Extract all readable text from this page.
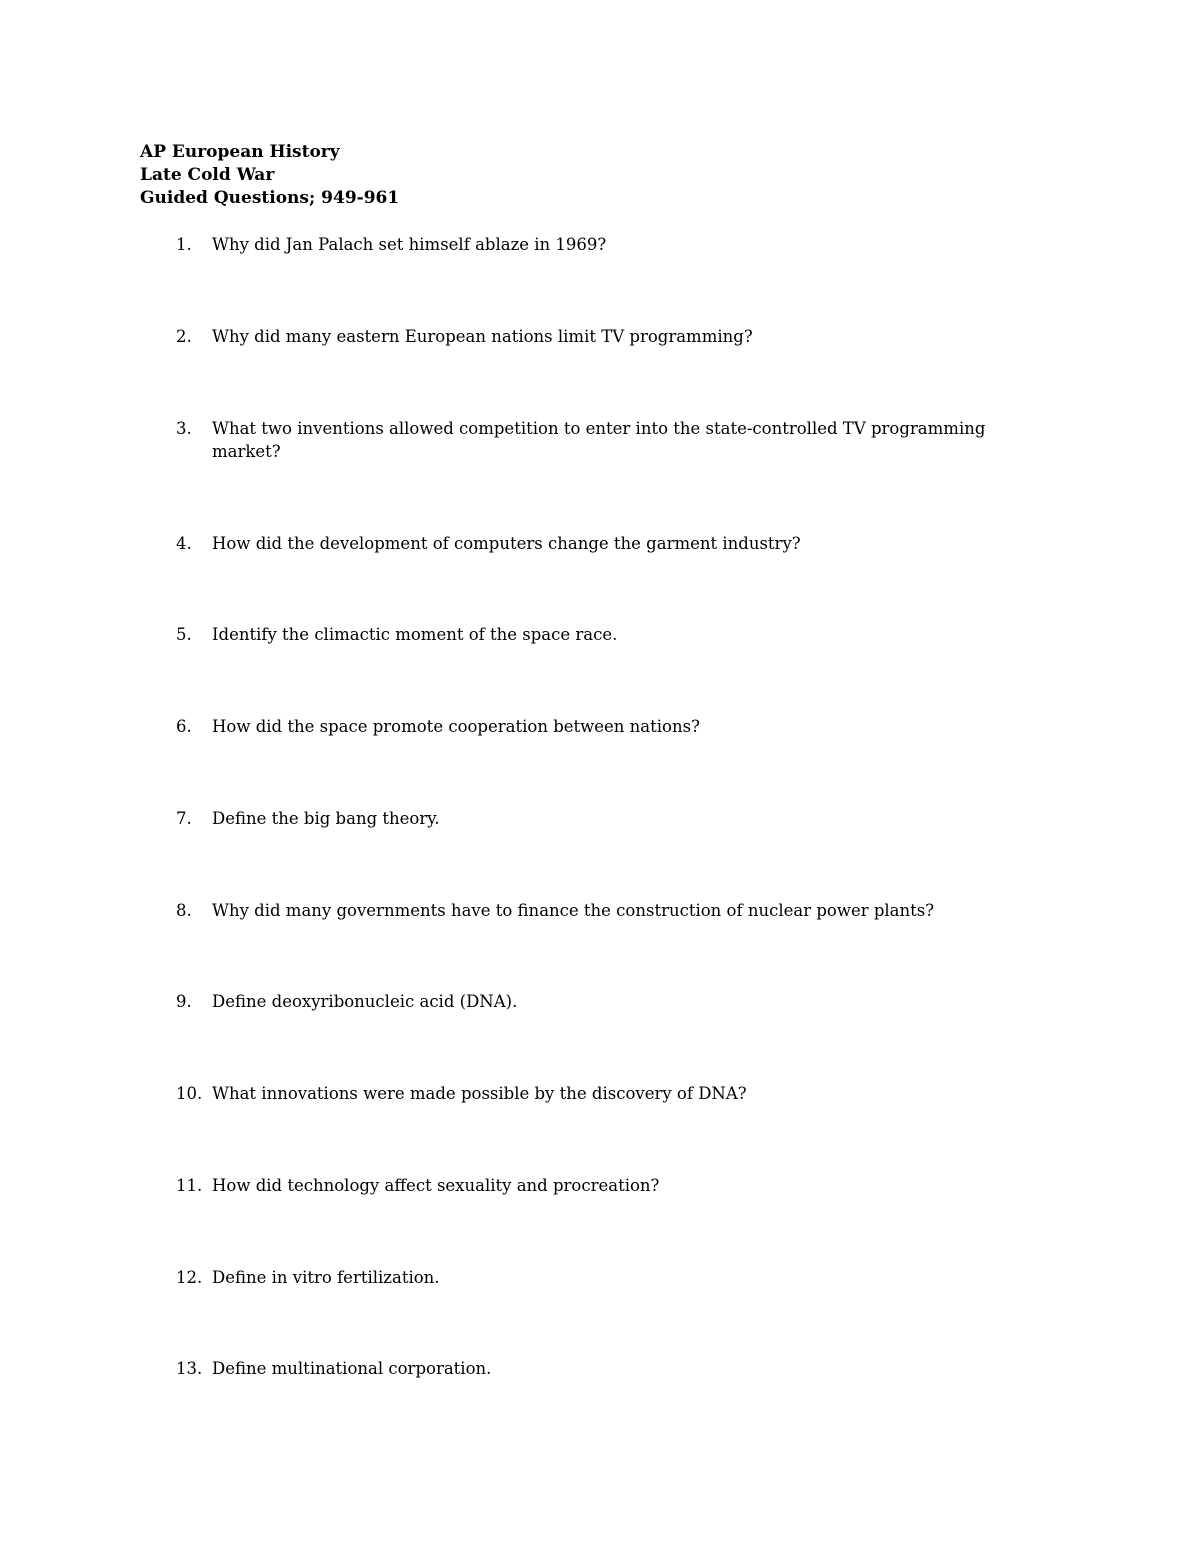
AP European History
Late Cold War
Guided Questions; 949-961
1. Why did Jan Palach set himself ablaze in 1969?
2. Why did many eastern European nations limit TV programming?
3. What two inventions allowed competition to enter into the state-controlled TV programming market?
4. How did the development of computers change the garment industry?
5. Identify the climactic moment of the space race.
6. How did the space promote cooperation between nations?
7. Define the big bang theory.
8. Why did many governments have to finance the construction of nuclear power plants?
9. Define deoxyribonucleic acid (DNA).
10. What innovations were made possible by the discovery of DNA?
11. How did technology affect sexuality and procreation?
12. Define in vitro fertilization.
13. Define multinational corporation.
